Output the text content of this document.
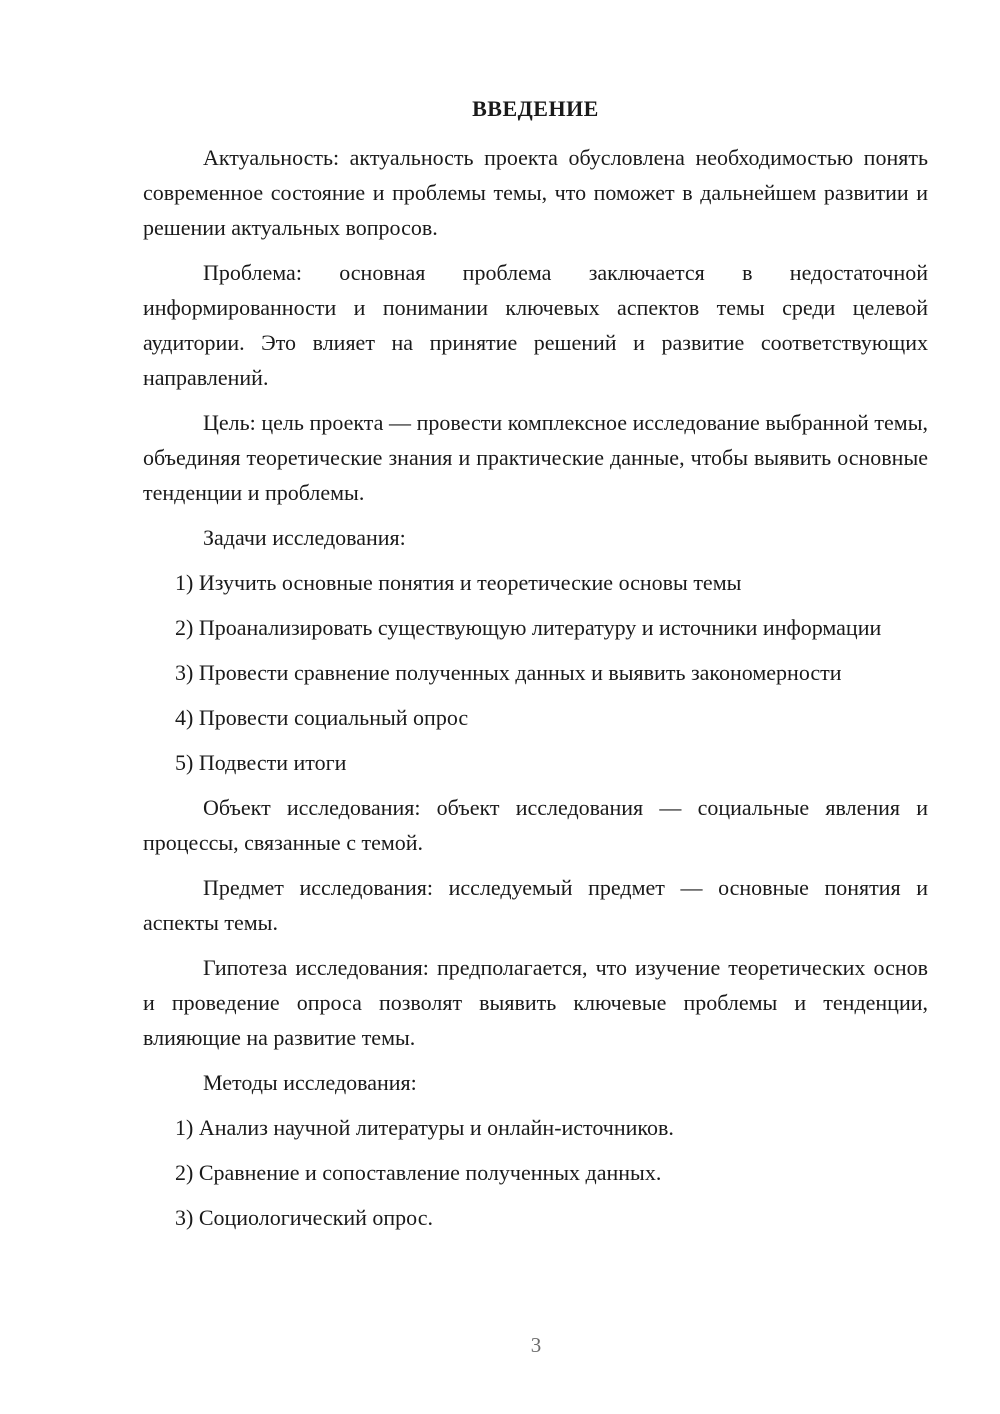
ВВЕДЕНИЕ

Актуальность: актуальность проекта обусловлена необходимостью понять современное состояние и проблемы темы, что поможет в дальнейшем развитии и решении актуальных вопросов.

Проблема: основная проблема заключается в недостаточной информированности и понимании ключевых аспектов темы среди целевой аудитории. Это влияет на принятие решений и развитие соответствующих направлений.

Цель: цель проекта — провести комплексное исследование выбранной темы, объединяя теоретические знания и практические данные, чтобы выявить основные тенденции и проблемы.

Задачи исследования:

1) Изучить основные понятия и теоретические основы темы

2) Проанализировать существующую литературу и источники информации

3) Провести сравнение полученных данных и выявить закономерности

4) Провести социальный опрос

5) Подвести итоги

Объект исследования: объект исследования — социальные явления и процессы, связанные с темой.

Предмет исследования: исследуемый предмет — основные понятия и аспекты темы.

Гипотеза исследования: предполагается, что изучение теоретических основ и проведение опроса позволят выявить ключевые проблемы и тенденции, влияющие на развитие темы.

Методы исследования:

1) Анализ научной литературы и онлайн-источников.

2) Сравнение и сопоставление полученных данных.

3) Социологический опрос.

3
